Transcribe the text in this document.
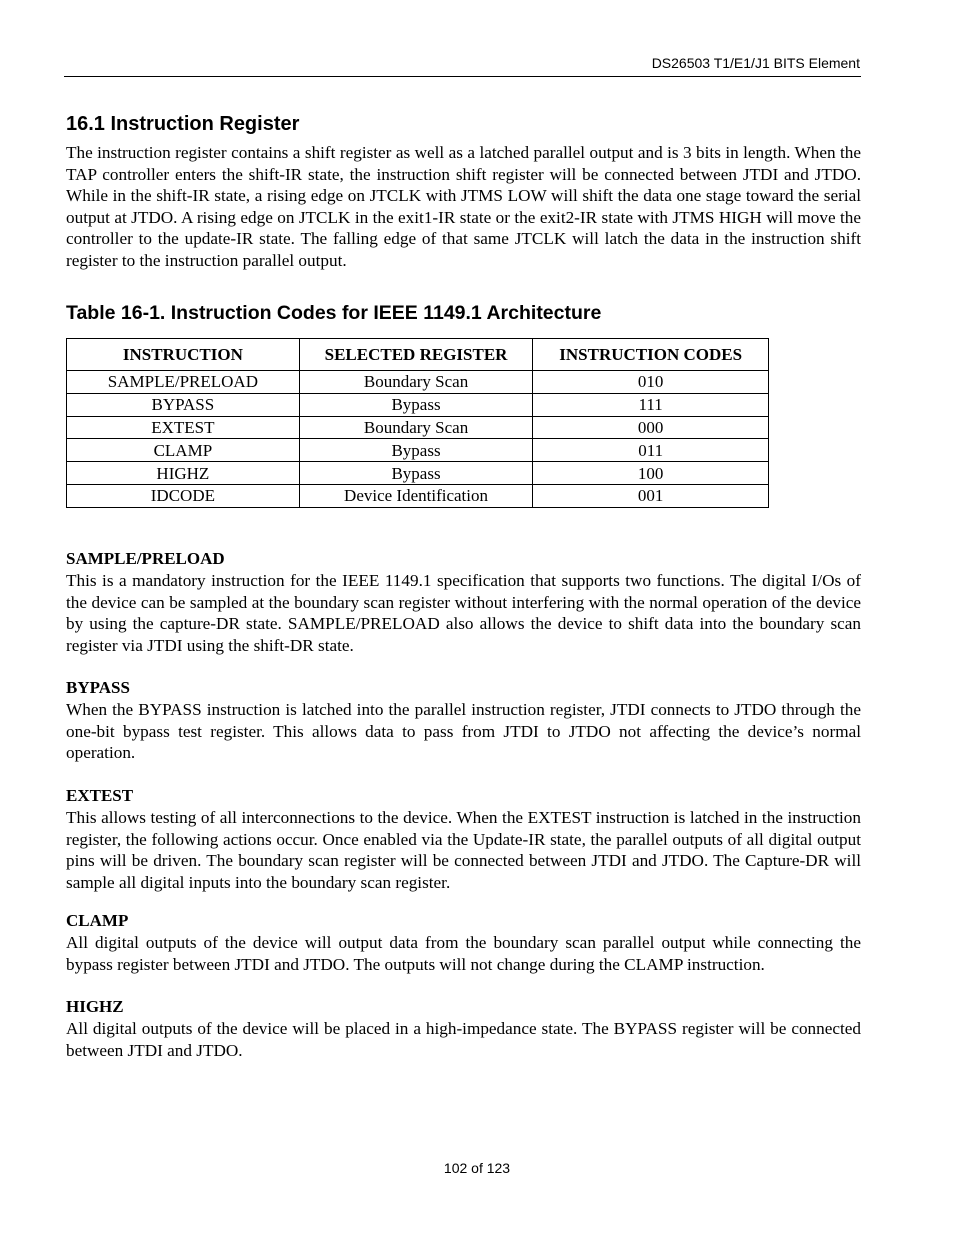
DS26503 T1/E1/J1 BITS Element
16.1 Instruction Register

The instruction register contains a shift register as well as a latched parallel output and is 3 bits in length. When the TAP controller enters the shift-IR state, the instruction shift register will be connected between JTDI and JTDO. While in the shift-IR state, a rising edge on JTCLK with JTMS LOW will shift the data one stage toward the serial output at JTDO. A rising edge on JTCLK in the exit1-IR state or the exit2-IR state with JTMS HIGH will move the controller to the update-IR state. The falling edge of that same JTCLK will latch the data in the instruction shift register to the instruction parallel output.

Table 16-1. Instruction Codes for IEEE 1149.1 Architecture
INSTRUCTION	SELECTED REGISTER	INSTRUCTION CODES
SAMPLE/PRELOAD	Boundary Scan	010
BYPASS	Bypass	111
EXTEST	Boundary Scan	000
CLAMP	Bypass	011
HIGHZ	Bypass	100
IDCODE	Device Identification	001
SAMPLE/PRELOAD

This is a mandatory instruction for the IEEE 1149.1 specification that supports two functions. The digital I/Os of the device can be sampled at the boundary scan register without interfering with the normal operation of the device by using the capture-DR state. SAMPLE/PRELOAD also allows the device to shift data into the boundary scan register via JTDI using the shift-DR state.

BYPASS

When the BYPASS instruction is latched into the parallel instruction register, JTDI connects to JTDO through the one-bit bypass test register. This allows data to pass from JTDI to JTDO not affecting the device’s normal operation.

EXTEST

This allows testing of all interconnections to the device. When the EXTEST instruction is latched in the instruction register, the following actions occur. Once enabled via the Update-IR state, the parallel outputs of all digital output pins will be driven. The boundary scan register will be connected between JTDI and JTDO. The Capture-DR will sample all digital inputs into the boundary scan register.

CLAMP

All digital outputs of the device will output data from the boundary scan parallel output while connecting the bypass register between JTDI and JTDO. The outputs will not change during the CLAMP instruction.

HIGHZ

All digital outputs of the device will be placed in a high-impedance state. The BYPASS register will be connected between JTDI and JTDO.

102 of 123
